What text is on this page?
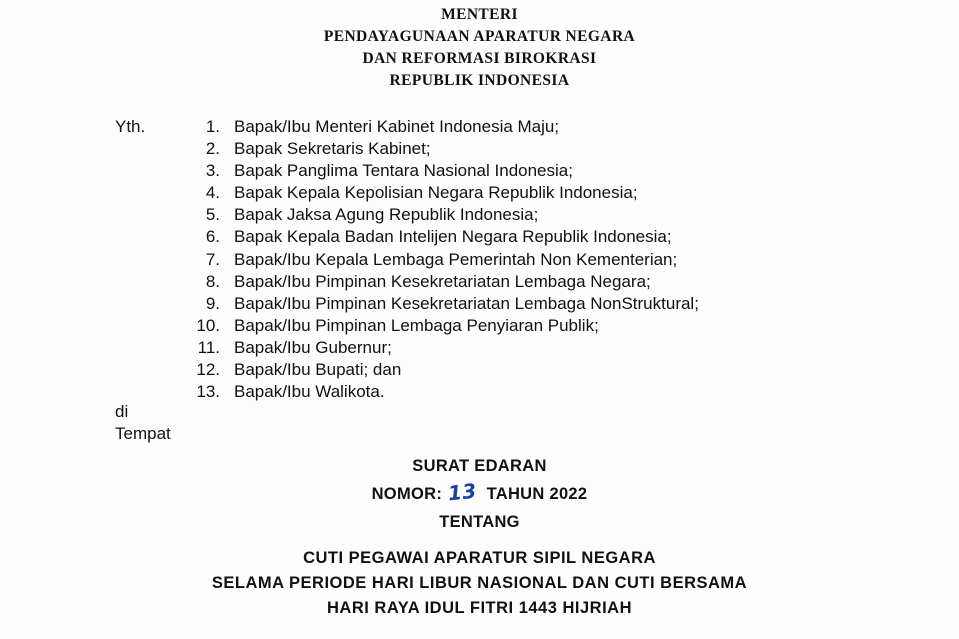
MENTERI
PENDAYAGUNAAN APARATUR NEGARA
DAN REFORMASI BIROKRASI
REPUBLIK INDONESIA
Yth.	1. Bapak/Ibu Menteri Kabinet Indonesia Maju;
2. Bapak Sekretaris Kabinet;
3. Bapak Panglima Tentara Nasional Indonesia;
4. Bapak Kepala Kepolisian Negara Republik Indonesia;
5. Bapak Jaksa Agung Republik Indonesia;
6. Bapak Kepala Badan Intelijen Negara Republik Indonesia;
7. Bapak/Ibu Kepala Lembaga Pemerintah Non Kementerian;
8. Bapak/Ibu Pimpinan Kesekretariatan Lembaga Negara;
9. Bapak/Ibu Pimpinan Kesekretariatan Lembaga NonStruktural;
10. Bapak/Ibu Pimpinan Lembaga Penyiaran Publik;
11. Bapak/Ibu Gubernur;
12. Bapak/Ibu Bupati; dan
13. Bapak/Ibu Walikota.
di
Tempat
SURAT EDARAN
NOMOR: 13 TAHUN 2022
TENTANG
CUTI PEGAWAI APARATUR SIPIL NEGARA
SELAMA PERIODE HARI LIBUR NASIONAL DAN CUTI BERSAMA
HARI RAYA IDUL FITRI 1443 HIJRIAH
